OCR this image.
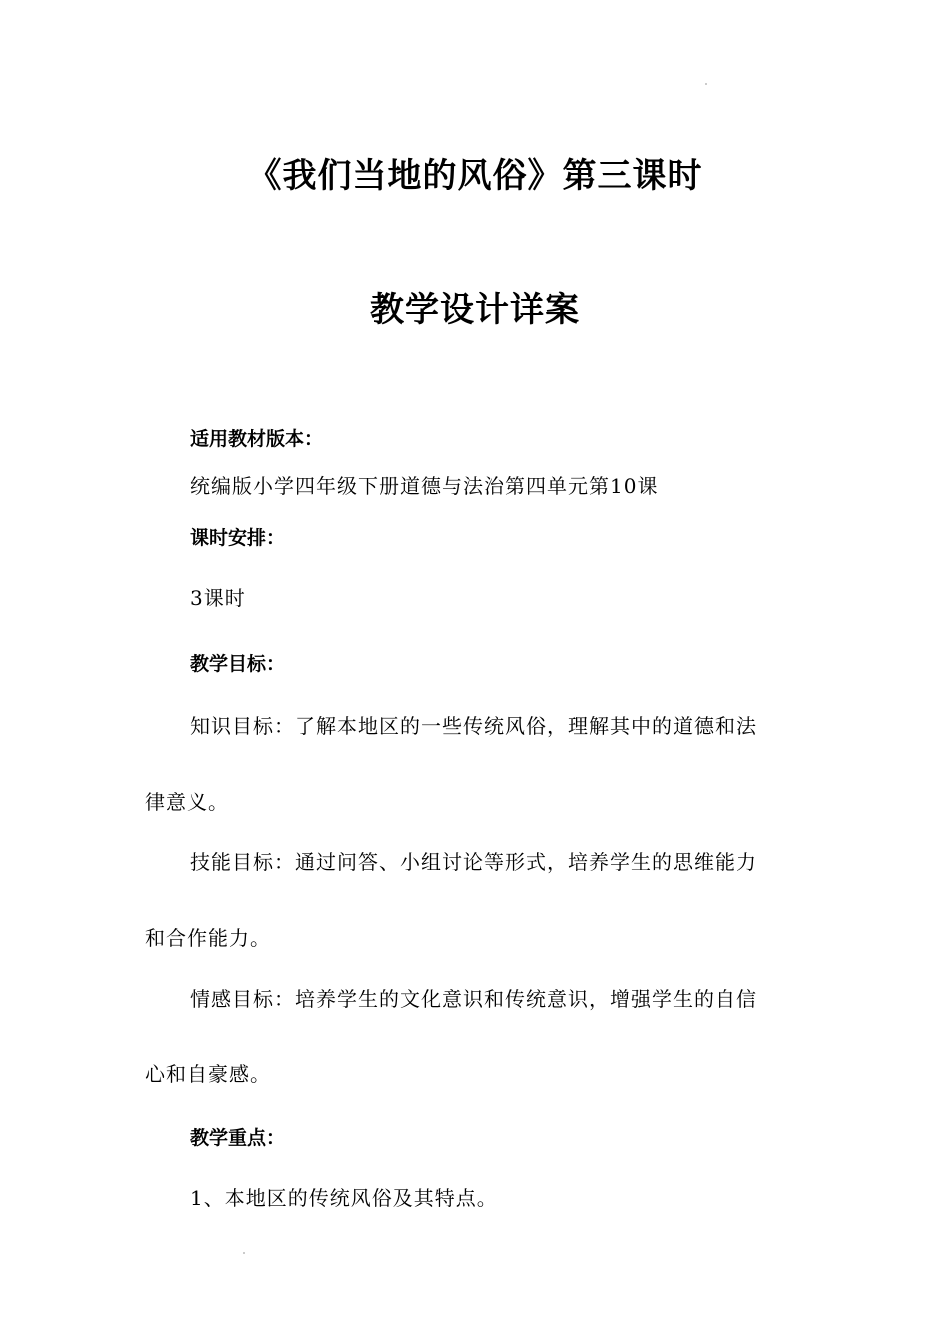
《我们当地的风俗》第三课时
教学设计详案
适用教材版本：
统编版小学四年级下册道德与法治第四单元第10课
课时安排：
3课时
教学目标：
知识目标：了解本地区的一些传统风俗，理解其中的道德和法
律意义。
技能目标：通过问答、小组讨论等形式，培养学生的思维能力
和合作能力。
情感目标：培养学生的文化意识和传统意识，增强学生的自信
心和自豪感。
教学重点：
1、本地区的传统风俗及其特点。
